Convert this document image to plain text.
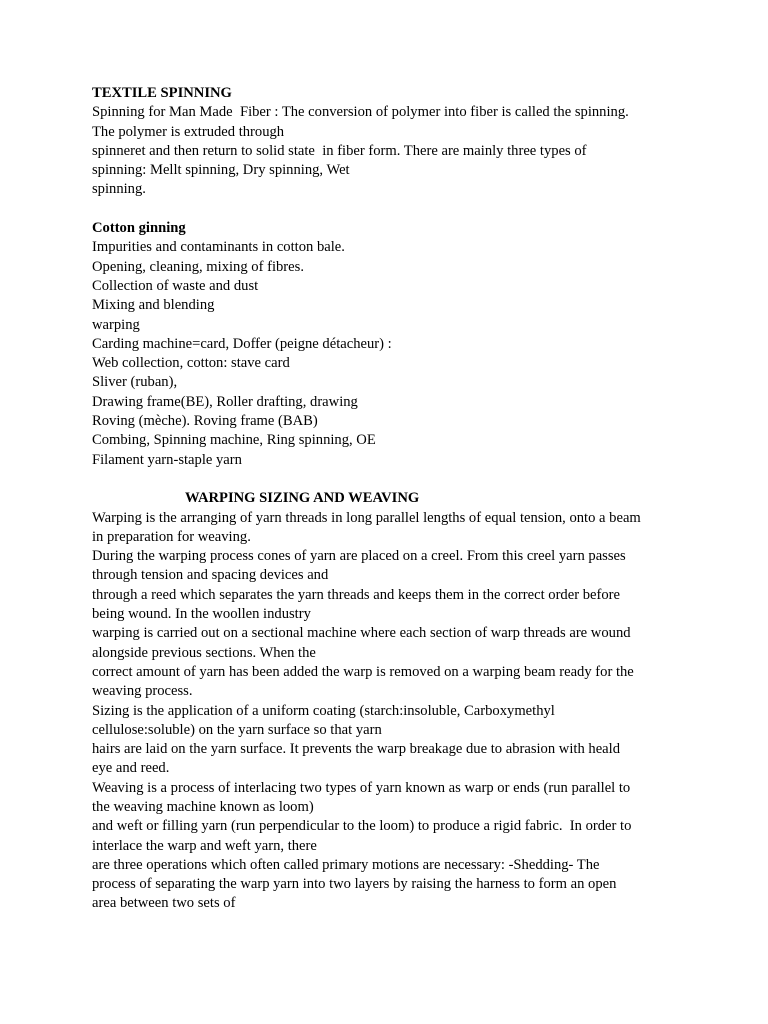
TEXTILE SPINNING
Spinning for Man Made  Fiber : The conversion of polymer into fiber is called the spinning.
The polymer is extruded through
spinneret and then return to solid state  in fiber form. There are mainly three types of
spinning: Mellt spinning, Dry spinning, Wet
spinning.
Cotton ginning
Impurities and contaminants in cotton bale.
Opening, cleaning, mixing of fibres.
Collection of waste and dust
Mixing and blending
warping
Carding machine=card, Doffer (peigne détacheur) :
Web collection, cotton: stave card
Sliver (ruban),
Drawing frame(BE), Roller drafting, drawing
Roving (mèche). Roving frame (BAB)
Combing, Spinning machine, Ring spinning, OE
Filament yarn-staple yarn
WARPING SIZING AND WEAVING
Warping is the arranging of yarn threads in long parallel lengths of equal tension, onto a beam
in preparation for weaving.
During the warping process cones of yarn are placed on a creel. From this creel yarn passes
through tension and spacing devices and
through a reed which separates the yarn threads and keeps them in the correct order before
being wound. In the woollen industry
warping is carried out on a sectional machine where each section of warp threads are wound
alongside previous sections. When the
correct amount of yarn has been added the warp is removed on a warping beam ready for the
weaving process.
Sizing is the application of a uniform coating (starch:insoluble, Carboxymethyl
cellulose:soluble) on the yarn surface so that yarn
hairs are laid on the yarn surface. It prevents the warp breakage due to abrasion with heald
eye and reed.
Weaving is a process of interlacing two types of yarn known as warp or ends (run parallel to
the weaving machine known as loom)
and weft or filling yarn (run perpendicular to the loom) to produce a rigid fabric.  In order to
interlace the warp and weft yarn, there
are three operations which often called primary motions are necessary: -Shedding- The
process of separating the warp yarn into two layers by raising the harness to form an open
area between two sets of
